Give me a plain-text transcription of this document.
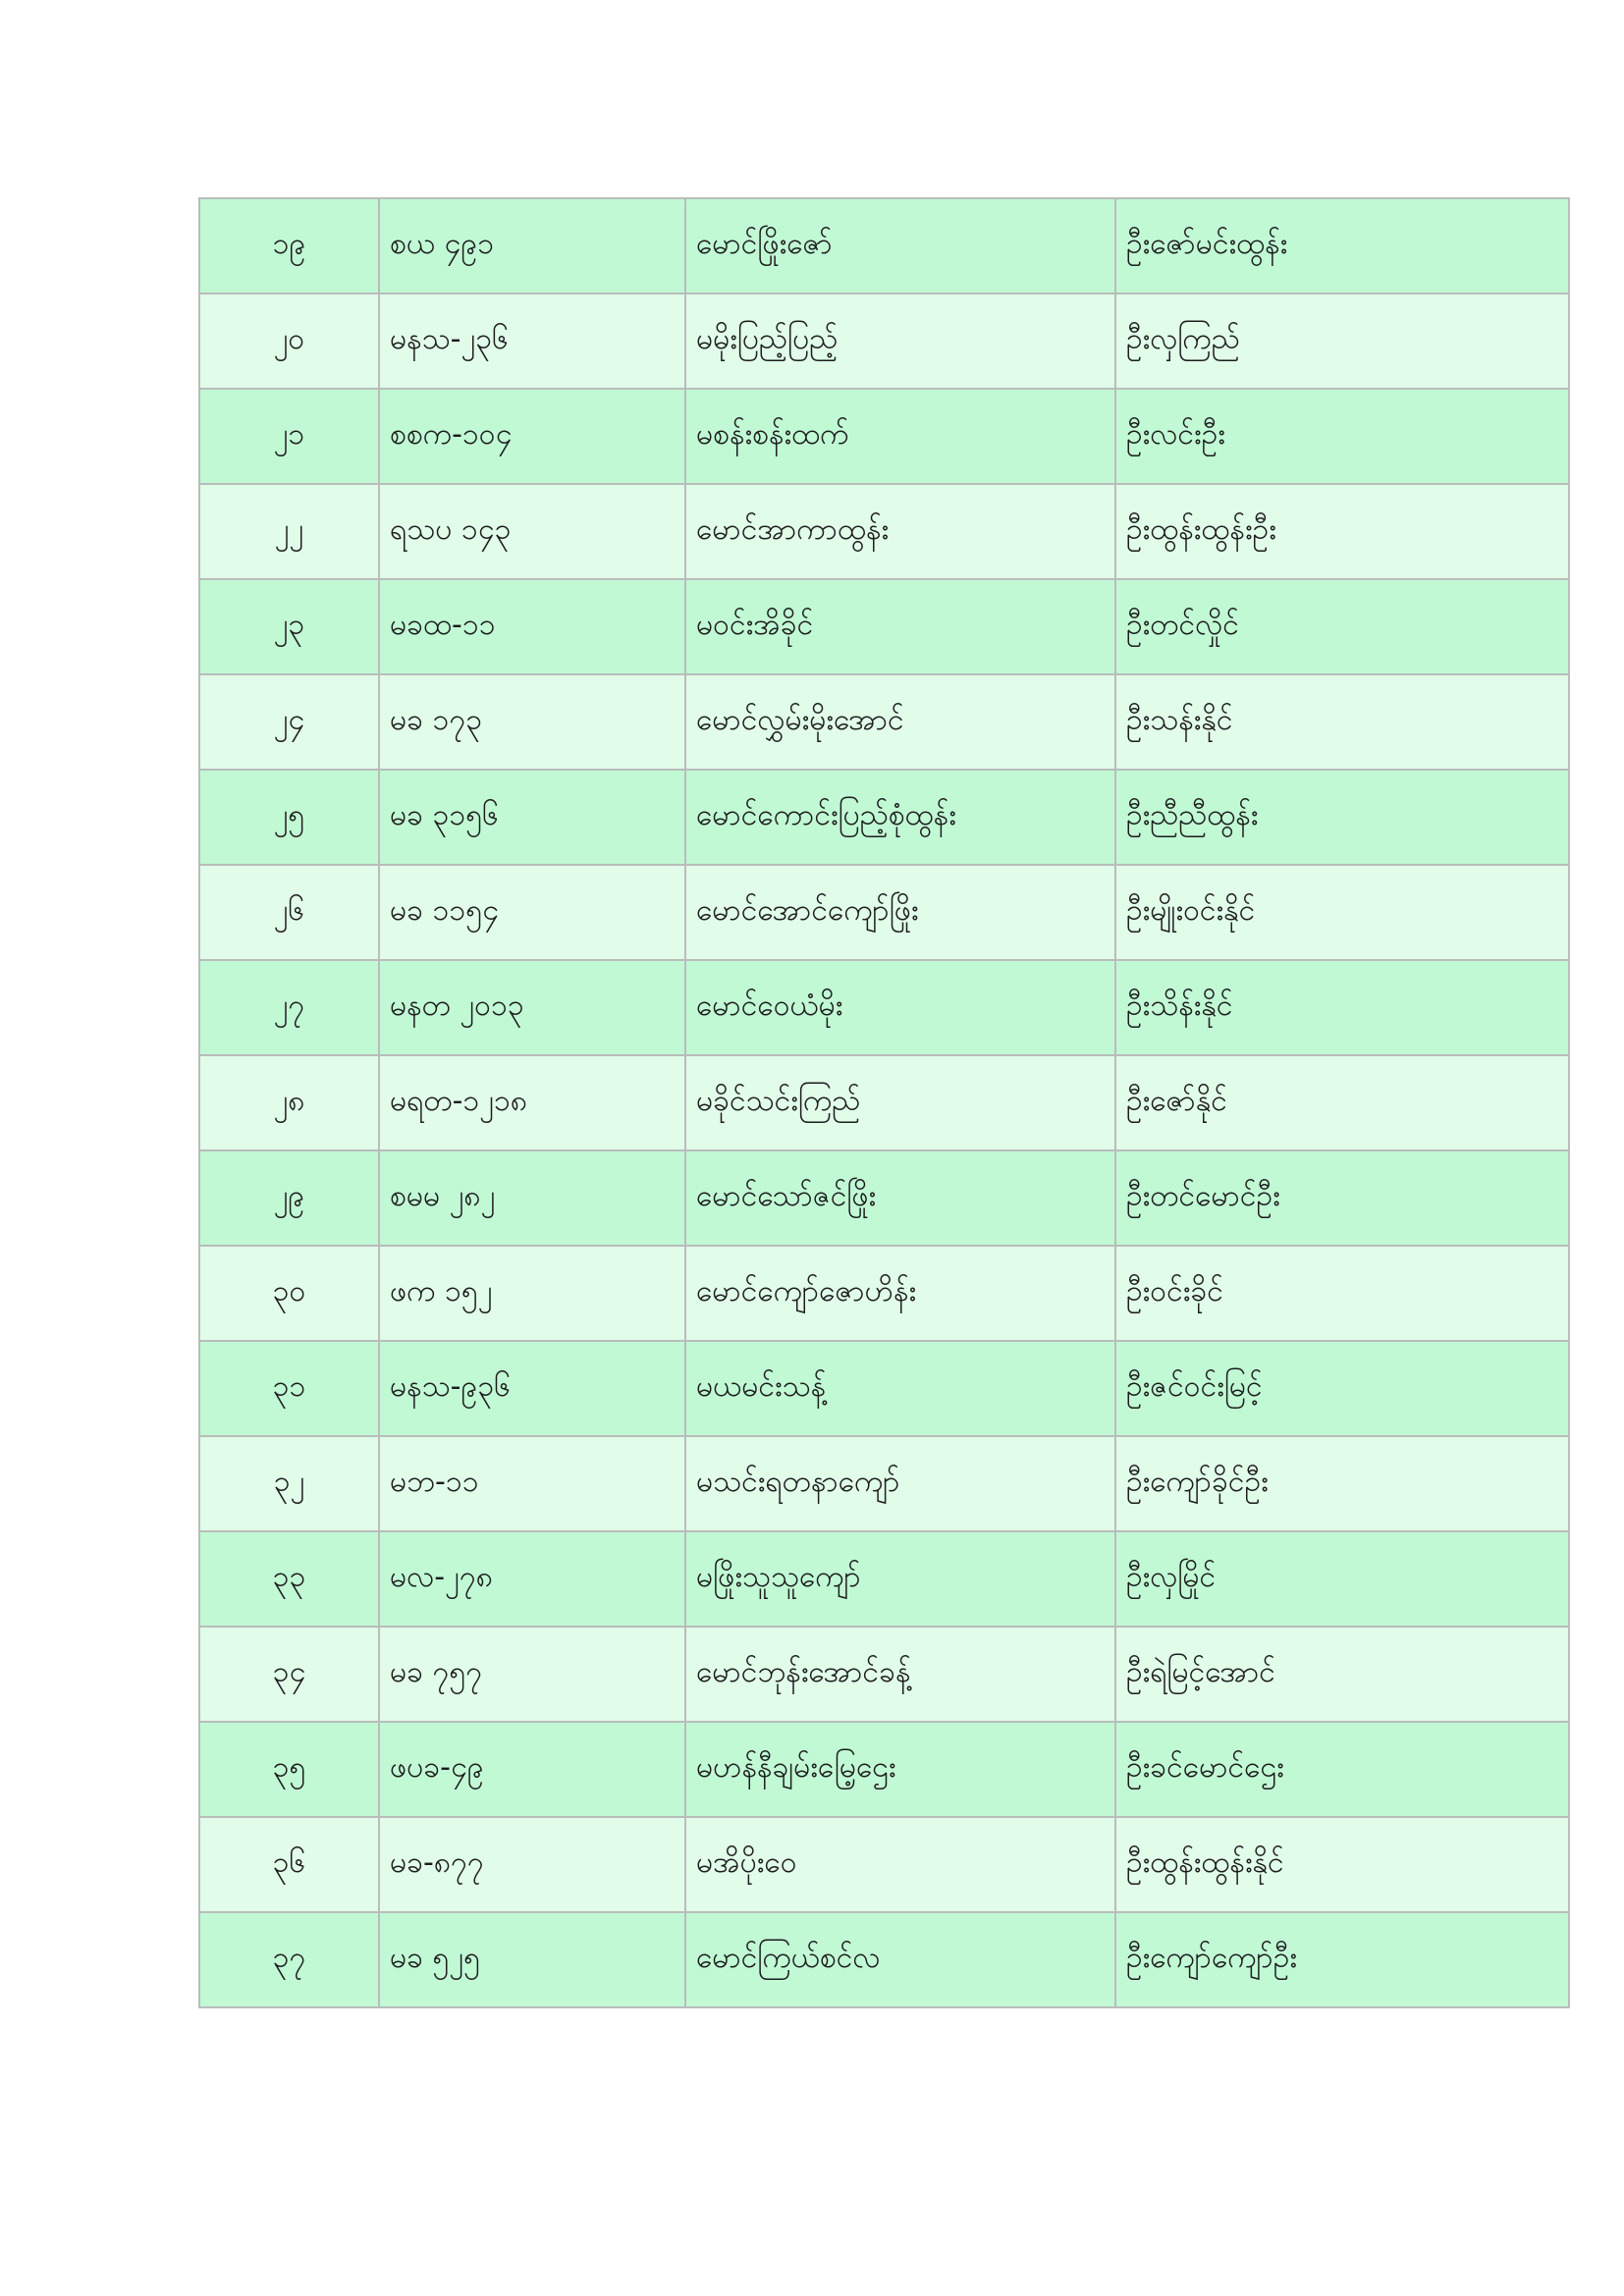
၁၉	စယ ၄၉၁	မောင်ဖြိုးဇော်	ဦးဇော်မင်းထွန်း
၂၀	မနသ-၂၃၆	မမိုးပြည့်ပြည့်	ဦးလှကြည်
၂၁	စစက-၁၀၄	မစန်းစန်းထက်	ဦးလင်းဦး
၂၂	ရသပ ၁၄၃	မောင်အာကာထွန်း	ဦးထွန်းထွန်းဦး
၂၃	မခထ-၁၁	မဝင်းအိခိုင်	ဦးတင်လှိုင်
၂၄	မခ ၁၇၃	မောင်လွှမ်းမိုးအောင်	ဦးသန်းနိုင်
၂၅	မခ ၃၁၅၆	မောင်ကောင်းပြည့်စုံထွန်း	ဦးညီညီထွန်း
၂၆	မခ ၁၁၅၄	မောင်အောင်ကျော်ဖြိုး	ဦးမျိုးဝင်းနိုင်
၂၇	မနတ ၂၀၁၃	မောင်ဝေယံမိုး	ဦးသိန်းနိုင်
၂၈	မရတ-၁၂၁၈	မခိုင်သင်းကြည်	ဦးဇော်နိုင်
၂၉	စမမ ၂၈၂	မောင်သော်ဇင်ဖြိုး	ဦးတင်မောင်ဦး
၃၀	ဖက ၁၅၂	မောင်ကျော်ဇောဟိန်း	ဦးဝင်းခိုင်
၃၁	မနသ-၉၃၆	မယမင်းသန့်	ဦးဇင်ဝင်းမြင့်
၃၂	မဘ-၁၁	မသင်းရတနာကျော်	ဦးကျော်ခိုင်ဦး
၃၃	မလ-၂၇၈	မဖြိုးသူသူကျော်	ဦးလှမြိုင်
၃၄	မခ ၇၅၇	မောင်ဘုန်းအောင်ခန့်	ဦးရဲမြင့်အောင်
၃၅	ဖပခ-၄၉	မဟန်နီချမ်းမြေ့ဌေး	ဦးခင်မောင်ဌေး
၃၆	မခ-၈၇၇	မအိပိုးဝေ	ဦးထွန်းထွန်းနိုင်
၃၇	မခ ၅၂၅	မောင်ကြယ်စင်လ	ဦးကျော်ကျော်ဦး
